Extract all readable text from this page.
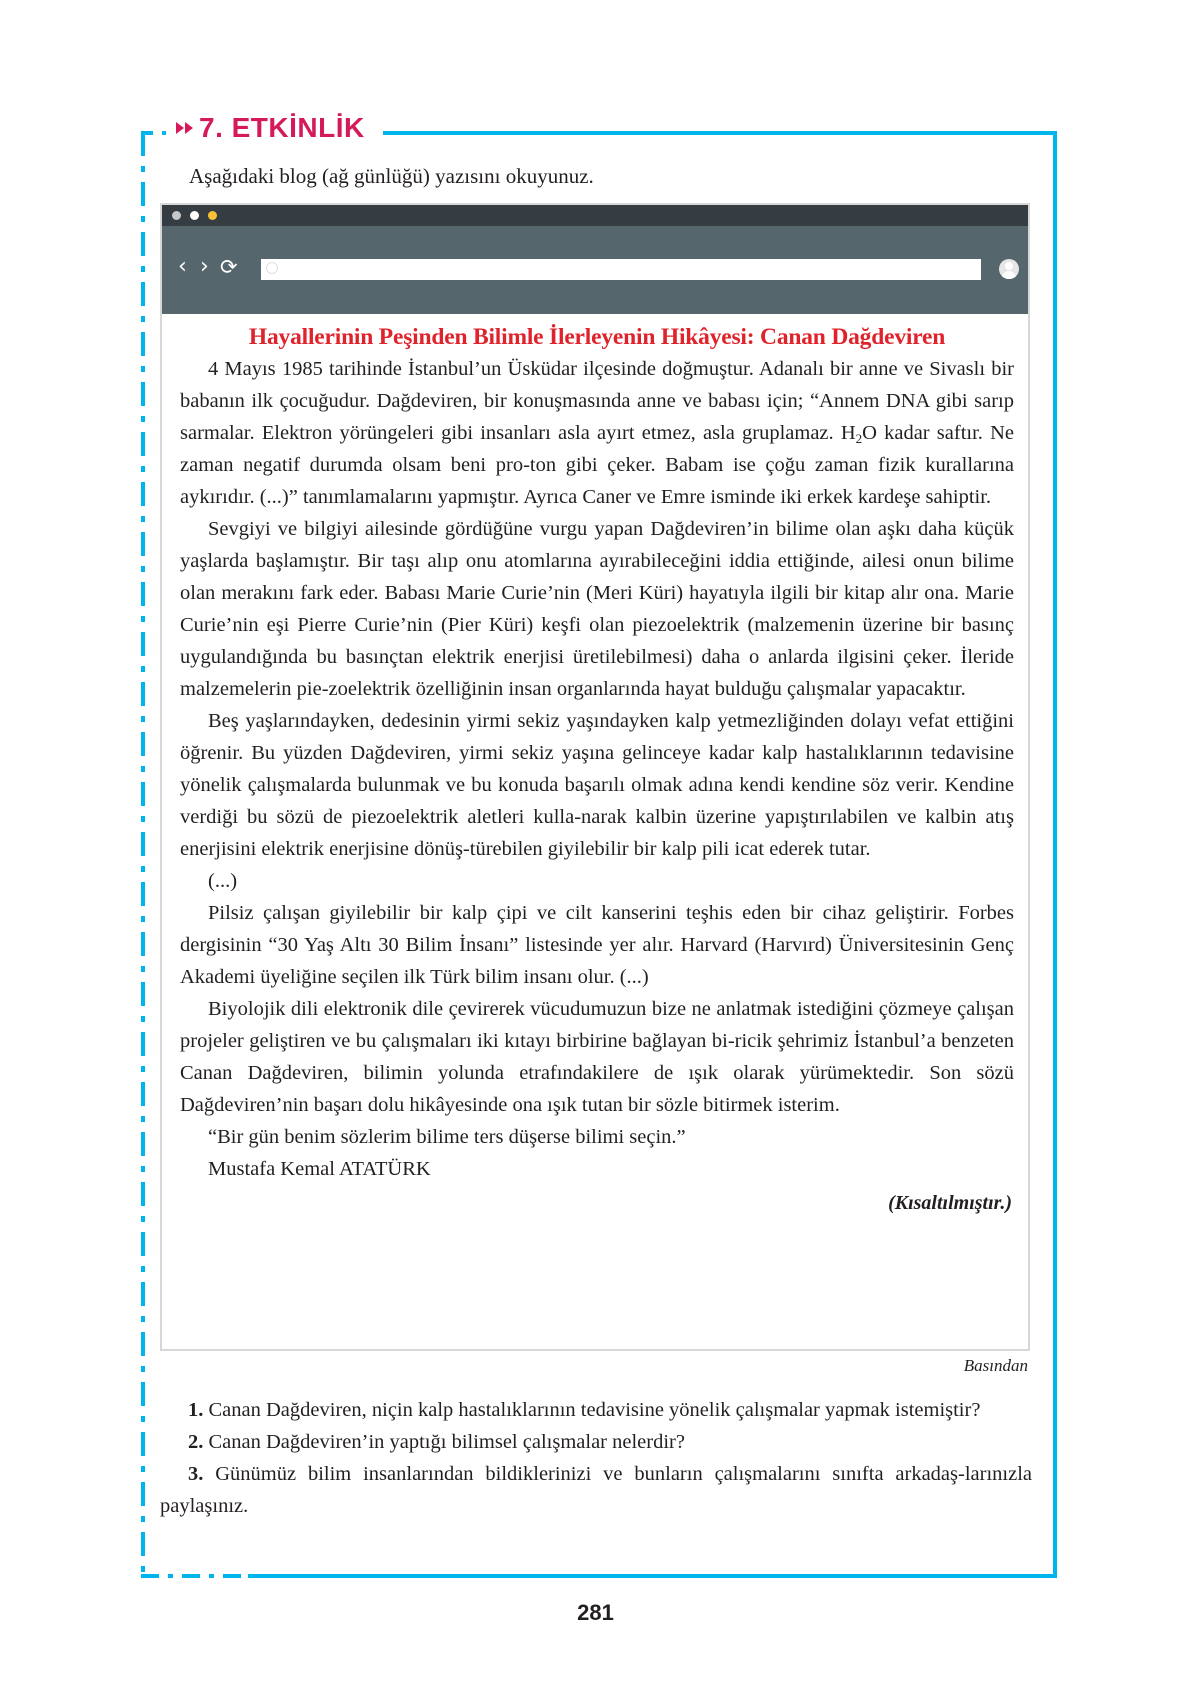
7. ETKİNLİK
Aşağıdaki blog (ağ günlüğü) yazısını okuyunuz.
‹ › ⟳
Hayallerinin Peşinden Bilimle İlerleyenin Hikâyesi: Canan Dağdeviren

4 Mayıs 1985 tarihinde İstanbul’un Üsküdar ilçesinde doğmuştur. Adanalı bir anne ve Sivaslı bir babanın ilk çocuğudur. Dağdeviren, bir konuşmasında anne ve babası için; “Annem DNA gibi sarıp sarmalar. Elektron yörüngeleri gibi insanları asla ayırt etmez, asla gruplamaz. $H_2O$ kadar saftır. Ne zaman negatif durumda olsam beni pro-ton gibi çeker. Babam ise çoğu zaman fizik kurallarına aykırıdır. (...)” tanımlamalarını yapmıştır. Ayrıca Caner ve Emre isminde iki erkek kardeşe sahiptir.

Sevgiyi ve bilgiyi ailesinde gördüğüne vurgu yapan Dağdeviren’in bilime olan aşkı daha küçük yaşlarda başlamıştır. Bir taşı alıp onu atomlarına ayırabileceğini iddia ettiğinde, ailesi onun bilime olan merakını fark eder. Babası Marie Curie’nin (Meri Küri) hayatıyla ilgili bir kitap alır ona. Marie Curie’nin eşi Pierre Curie’nin (Pier Küri) keşfi olan piezoelektrik (malzemenin üzerine bir basınç uygulandığında bu basınçtan elektrik enerjisi üretilebilmesi) daha o anlarda ilgisini çeker. İleride malzemelerin pie-zoelektrik özelliğinin insan organlarında hayat bulduğu çalışmalar yapacaktır.

Beş yaşlarındayken, dedesinin yirmi sekiz yaşındayken kalp yetmezliğinden dolayı vefat ettiğini öğrenir. Bu yüzden Dağdeviren, yirmi sekiz yaşına gelinceye kadar kalp hastalıklarının tedavisine yönelik çalışmalarda bulunmak ve bu konuda başarılı olmak adına kendi kendine söz verir. Kendine verdiği bu sözü de piezoelektrik aletleri kulla-narak kalbin üzerine yapıştırılabilen ve kalbin atış enerjisini elektrik enerjisine dönüş-türebilen giyilebilir bir kalp pili icat ederek tutar.

(...)

Pilsiz çalışan giyilebilir bir kalp çipi ve cilt kanserini teşhis eden bir cihaz geliştirir. Forbes dergisinin “30 Yaş Altı 30 Bilim İnsanı” listesinde yer alır. Harvard (Harvırd) Üniversitesinin Genç Akademi üyeliğine seçilen ilk Türk bilim insanı olur. (...)

Biyolojik dili elektronik dile çevirerek vücudumuzun bize ne anlatmak istediğini çözmeye çalışan projeler geliştiren ve bu çalışmaları iki kıtayı birbirine bağlayan bi-ricik şehrimiz İstanbul’a benzeten Canan Dağdeviren, bilimin yolunda etrafındakilere de ışık olarak yürümektedir. Son sözü Dağdeviren’nin başarı dolu hikâyesinde ona ışık tutan bir sözle bitirmek isterim.

“Bir gün benim sözlerim bilime ters düşerse bilimi seçin.”

Mustafa Kemal ATATÜRK

(Kısaltılmıştır.)
Basından

1. Canan Dağdeviren, niçin kalp hastalıklarının tedavisine yönelik çalışmalar yapmak istemiştir?

2. Canan Dağdeviren’in yaptığı bilimsel çalışmalar nelerdir?

3. Günümüz bilim insanlarından bildiklerinizi ve bunların çalışmalarını sınıfta arkadaş-larınızla paylaşınız.

281
